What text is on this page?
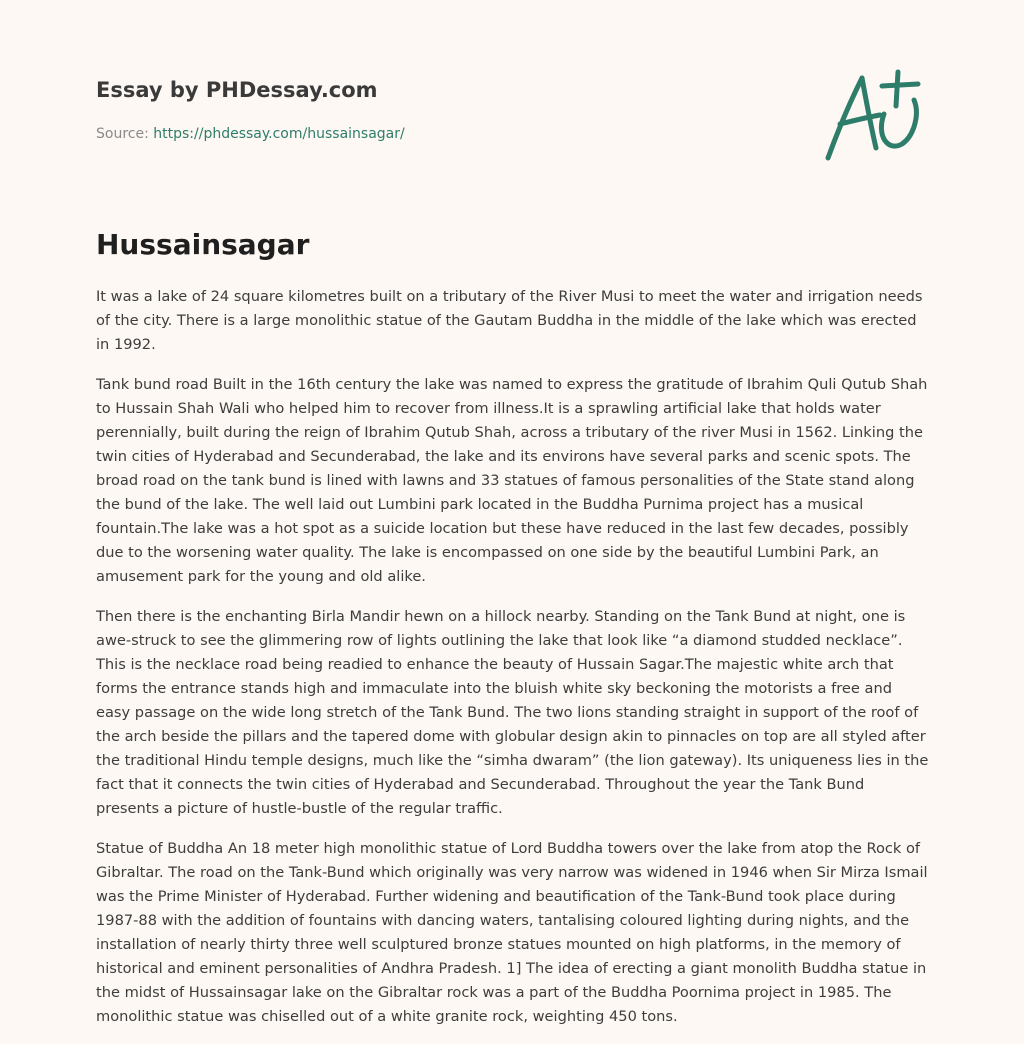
Essay by PHDessay.com
Source: https://phdessay.com/hussainsagar/
Hussainsagar

It was a lake of 24 square kilometres built on a tributary of the River Musi to meet the water and irrigation needs of the city. There is a large monolithic statue of the Gautam Buddha in the middle of the lake which was erected in 1992.

Tank bund road Built in the 16th century the lake was named to express the gratitude of Ibrahim Quli Qutub Shah to Hussain Shah Wali who helped him to recover from illness.It is a sprawling artificial lake that holds water perennially, built during the reign of Ibrahim Qutub Shah, across a tributary of the river Musi in 1562. Linking the twin cities of Hyderabad and Secunderabad, the lake and its environs have several parks and scenic spots. The broad road on the tank bund is lined with lawns and 33 statues of famous personalities of the State stand along the bund of the lake. The well laid out Lumbini park located in the Buddha Purnima project has a musical fountain.The lake was a hot spot as a suicide location but these have reduced in the last few decades, possibly due to the worsening water quality. The lake is encompassed on one side by the beautiful Lumbini Park, an amusement park for the young and old alike.

Then there is the enchanting Birla Mandir hewn on a hillock nearby. Standing on the Tank Bund at night, one is awe-struck to see the glimmering row of lights outlining the lake that look like “a diamond studded necklace”. This is the necklace road being readied to enhance the beauty of Hussain Sagar.The majestic white arch that forms the entrance stands high and immaculate into the bluish white sky beckoning the motorists a free and easy passage on the wide long stretch of the Tank Bund. The two lions standing straight in support of the roof of the arch beside the pillars and the tapered dome with globular design akin to pinnacles on top are all styled after the traditional Hindu temple designs, much like the “simha dwaram” (the lion gateway). Its uniqueness lies in the fact that it connects the twin cities of Hyderabad and Secunderabad. Throughout the year the Tank Bund presents a picture of hustle-bustle of the regular traffic.

Statue of Buddha An 18 meter high monolithic statue of Lord Buddha towers over the lake from atop the Rock of Gibraltar. The road on the Tank-Bund which originally was very narrow was widened in 1946 when Sir Mirza Ismail was the Prime Minister of Hyderabad. Further widening and beautification of the Tank-Bund took place during 1987-88 with the addition of fountains with dancing waters, tantalising coloured lighting during nights, and the installation of nearly thirty three well sculptured bronze statues mounted on high platforms, in the memory of historical and eminent personalities of Andhra Pradesh. 1] The idea of erecting a giant monolith Buddha statue in the midst of Hussainsagar lake on the Gibraltar rock was a part of the Buddha Poornima project in 1985. The monolithic statue was chiselled out of a white granite rock, weighting 450 tons.
